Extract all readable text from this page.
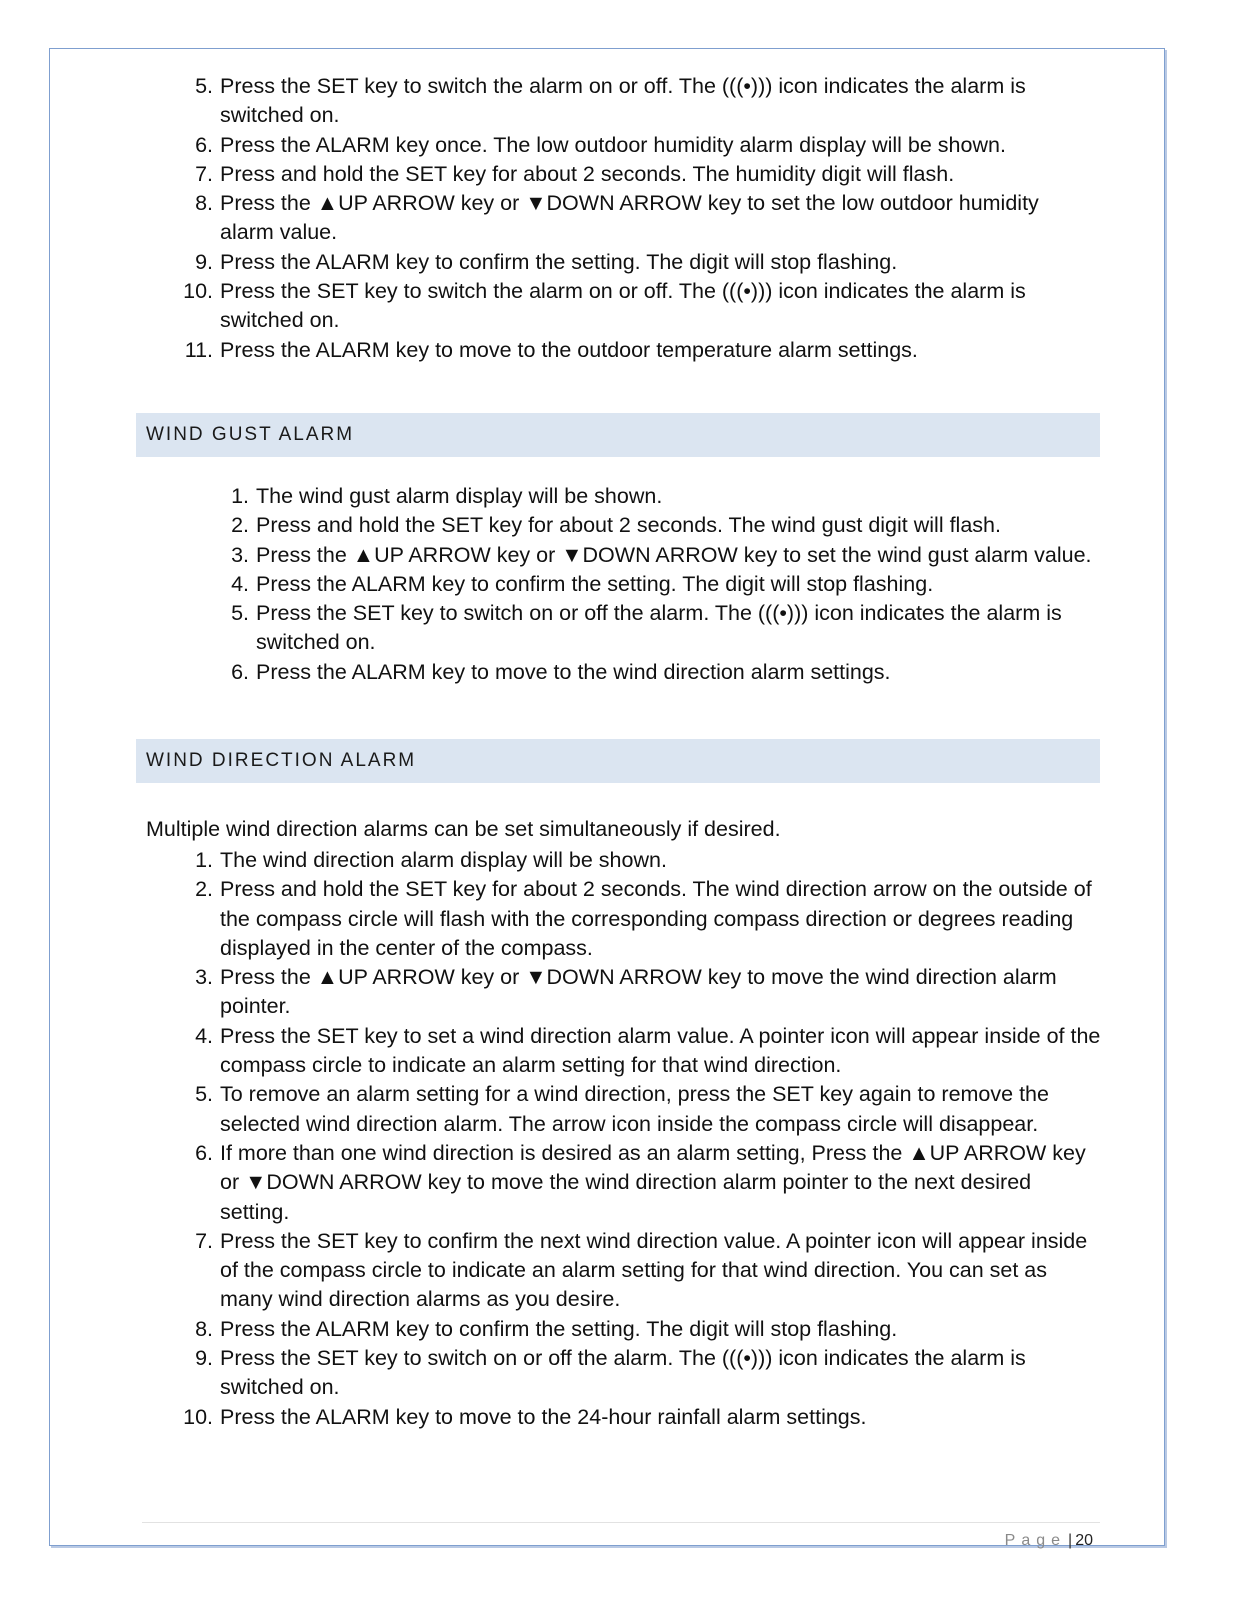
5. Press the SET key to switch the alarm on or off. The (((•))) icon indicates the alarm is switched on.
6. Press the ALARM key once. The low outdoor humidity alarm display will be shown.
7. Press and hold the SET key for about 2 seconds. The humidity digit will flash.
8. Press the ▲UP ARROW key or ▼DOWN ARROW key to set the low outdoor humidity alarm value.
9. Press the ALARM key to confirm the setting. The digit will stop flashing.
10. Press the SET key to switch the alarm on or off. The (((•))) icon indicates the alarm is switched on.
11. Press the ALARM key to move to the outdoor temperature alarm settings.
WIND GUST ALARM
1. The wind gust alarm display will be shown.
2. Press and hold the SET key for about 2 seconds. The wind gust digit will flash.
3. Press the ▲UP ARROW key or ▼DOWN ARROW key to set the wind gust alarm value.
4. Press the ALARM key to confirm the setting. The digit will stop flashing.
5. Press the SET key to switch on or off the alarm. The (((•))) icon indicates the alarm is switched on.
6. Press the ALARM key to move to the wind direction alarm settings.
WIND DIRECTION ALARM

Multiple wind direction alarms can be set simultaneously if desired.

1. The wind direction alarm display will be shown.
2. Press and hold the SET key for about 2 seconds. The wind direction arrow on the outside of the compass circle will flash with the corresponding compass direction or degrees reading displayed in the center of the compass.
3. Press the ▲UP ARROW key or ▼DOWN ARROW key to move the wind direction alarm pointer.
4. Press the SET key to set a wind direction alarm value. A pointer icon will appear inside of the compass circle to indicate an alarm setting for that wind direction.
5. To remove an alarm setting for a wind direction, press the SET key again to remove the selected wind direction alarm. The arrow icon inside the compass circle will disappear.
6. If more than one wind direction is desired as an alarm setting, Press the ▲UP ARROW key or ▼DOWN ARROW key to move the wind direction alarm pointer to the next desired setting.
7. Press the SET key to confirm the next wind direction value. A pointer icon will appear inside of the compass circle to indicate an alarm setting for that wind direction. You can set as many wind direction alarms as you desire.
8. Press the ALARM key to confirm the setting. The digit will stop flashing.
9. Press the SET key to switch on or off the alarm. The (((•))) icon indicates the alarm is switched on.
10. Press the ALARM key to move to the 24-hour rainfall alarm settings.
Page | 20
